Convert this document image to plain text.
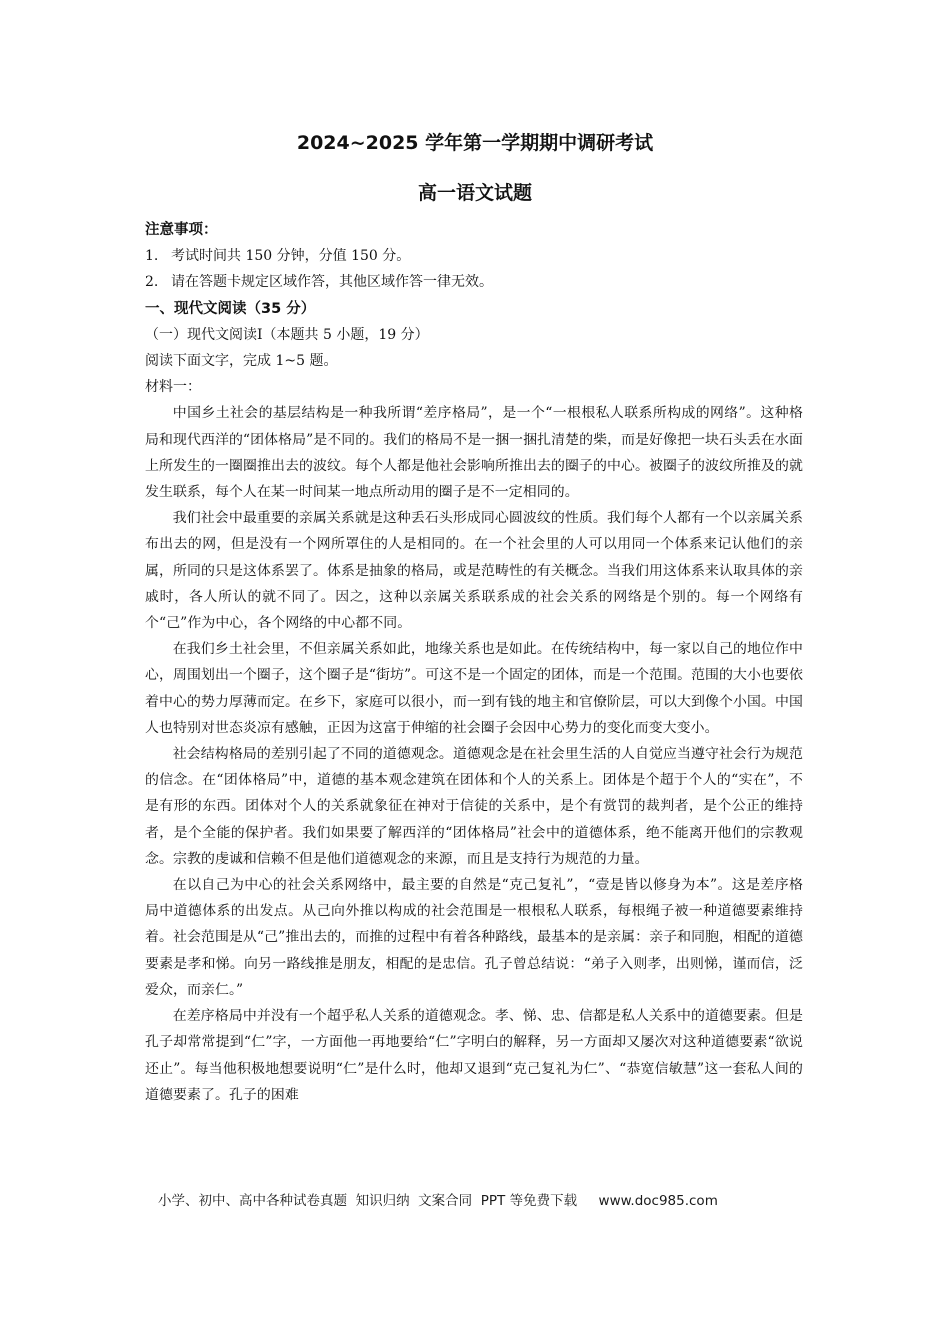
2024~2025 学年第一学期期中调研考试
高一语文试题

注意事项：

1. 考试时间共 150 分钟，分值 150 分。
2. 请在答题卡规定区域作答，其他区域作答一律无效。

一、现代文阅读（35 分）

（一）现代文阅读Ⅰ（本题共 5 小题，19 分）

阅读下面文字，完成 1~5 题。

材料一：

中国乡土社会的基层结构是一种我所谓“差序格局”，是一个“一根根私人联系所构成的网络”。这种格局和现代西洋的“团体格局”是不同的。我们的格局不是一捆一捆扎清楚的柴，而是好像把一块石头丢在水面上所发生的一圈圈推出去的波纹。每个人都是他社会影响所推出去的圈子的中心。被圈子的波纹所推及的就发生联系，每个人在某一时间某一地点所动用的圈子是不一定相同的。

我们社会中最重要的亲属关系就是这种丢石头形成同心圆波纹的性质。我们每个人都有一个以亲属关系布出去的网，但是没有一个网所罩住的人是相同的。在一个社会里的人可以用同一个体系来记认他们的亲属，所同的只是这体系罢了。体系是抽象的格局，或是范畴性的有关概念。当我们用这体系来认取具体的亲戚时，各人所认的就不同了。因之，这种以亲属关系联系成的社会关系的网络是个别的。每一个网络有个“己”作为中心，各个网络的中心都不同。

在我们乡土社会里，不但亲属关系如此，地缘关系也是如此。在传统结构中，每一家以自己的地位作中心，周围划出一个圈子，这个圈子是“街坊”。可这不是一个固定的团体，而是一个范围。范围的大小也要依着中心的势力厚薄而定。在乡下，家庭可以很小，而一到有钱的地主和官僚阶层，可以大到像个小国。中国人也特别对世态炎凉有感触，正因为这富于伸缩的社会圈子会因中心势力的变化而变大变小。

社会结构格局的差别引起了不同的道德观念。道德观念是在社会里生活的人自觉应当遵守社会行为规范的信念。在“团体格局”中，道德的基本观念建筑在团体和个人的关系上。团体是个超于个人的“实在”，不是有形的东西。团体对个人的关系就象征在神对于信徒的关系中，是个有赏罚的裁判者，是个公正的维持者，是个全能的保护者。我们如果要了解西洋的“团体格局”社会中的道德体系，绝不能离开他们的宗教观念。宗教的虔诚和信赖不但是他们道德观念的来源，而且是支持行为规范的力量。

在以自己为中心的社会关系网络中，最主要的自然是“克己复礼”，“壹是皆以修身为本”。这是差序格局中道德体系的出发点。从己向外推以构成的社会范围是一根根私人联系，每根绳子被一种道德要素维持着。社会范围是从“己”推出去的，而推的过程中有着各种路线，最基本的是亲属：亲子和同胞，相配的道德要素是孝和悌。向另一路线推是朋友，相配的是忠信。孔子曾总结说：“弟子入则孝，出则悌，谨而信，泛爱众，而亲仁。”

在差序格局中并没有一个超乎私人关系的道德观念。孝、悌、忠、信都是私人关系中的道德要素。但是孔子却常常提到“仁”字，一方面他一再地要给“仁”字明白的解释，另一方面却又屡次对这种道德要素“欲说还止”。每当他积极地想要说明“仁”是什么时，他却又退到“克己复礼为仁”、“恭宽信敏慧”这一套私人间的道德要素了。孔子的困难

小学、初中、高中各种试卷真题  知识归纳  文案合同  PPT 等免费下载     www.doc985.com
